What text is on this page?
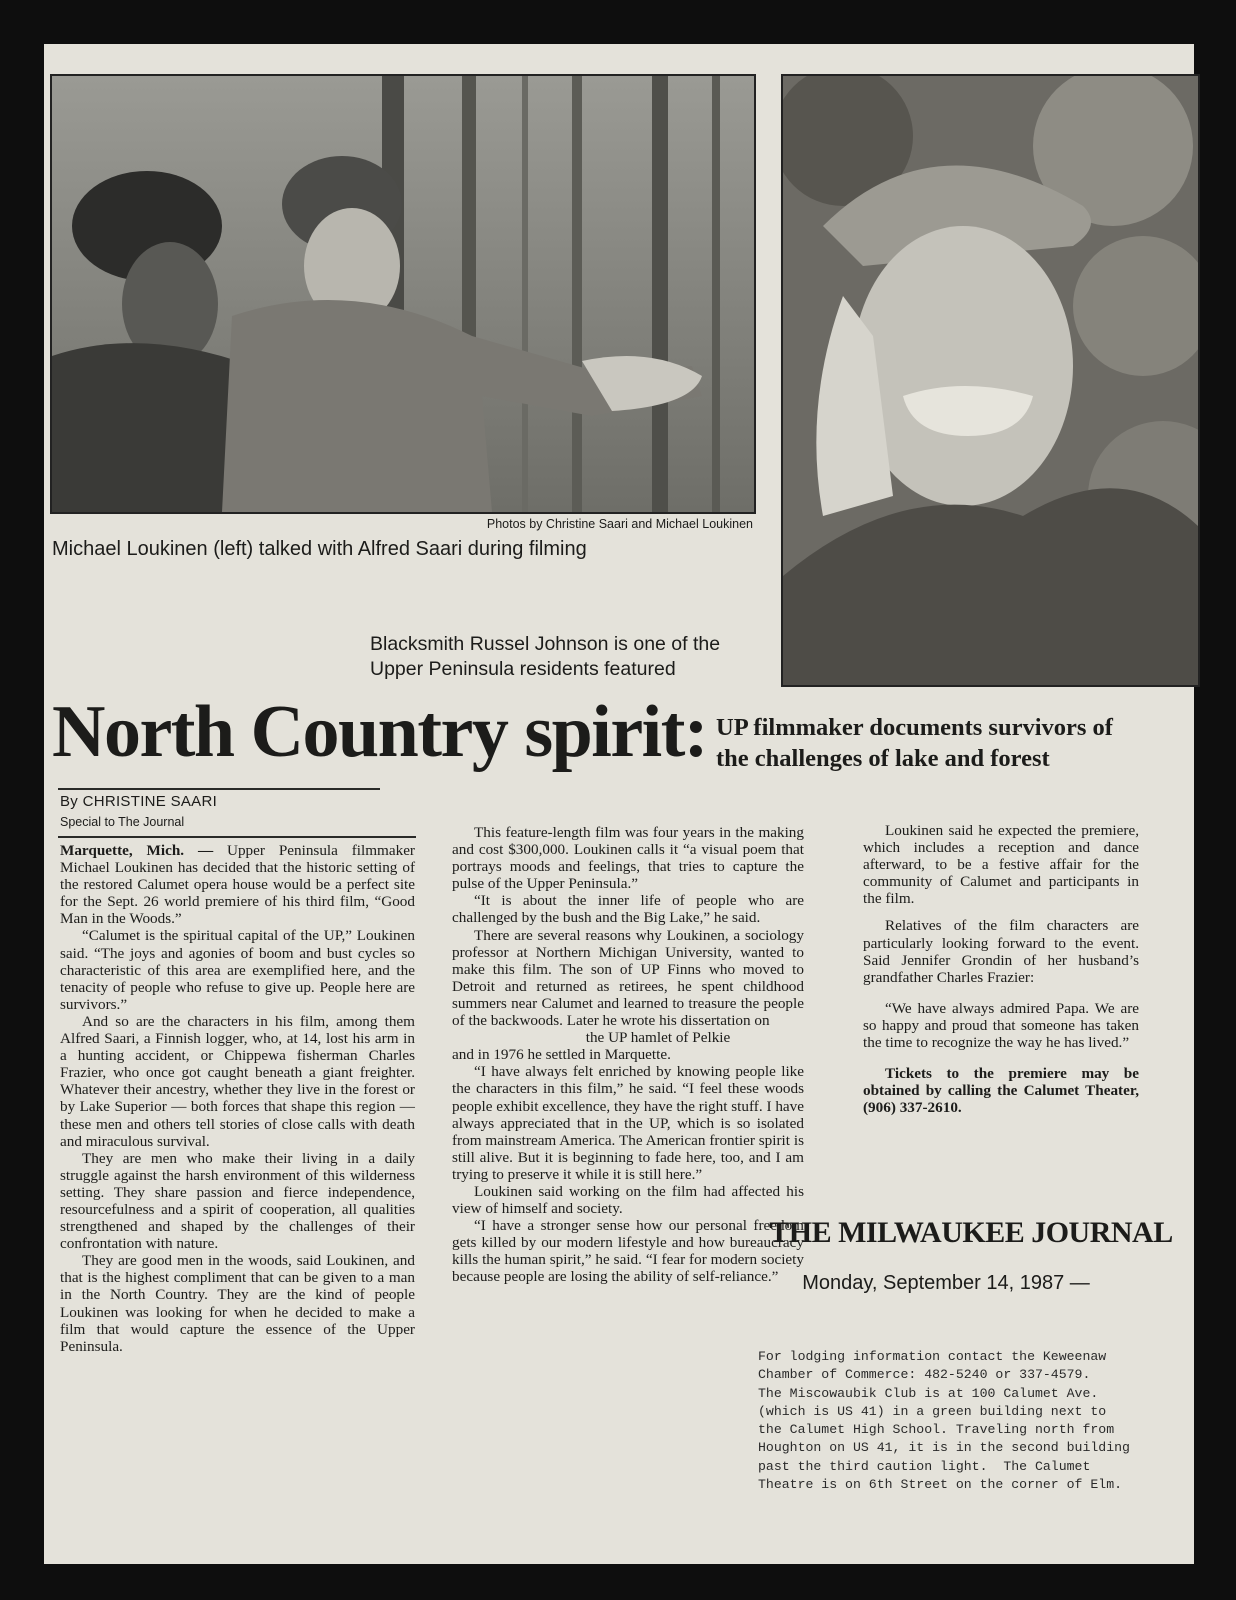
Photos by Christine Saari and Michael Loukinen
Michael Loukinen (left) talked with Alfred Saari during filming
Blacksmith Russel Johnson is one of the Upper Peninsula residents featured
North Country spirit: UP filmmaker documents survivors of the challenges of lake and forest
By CHRISTINE SAARI
Special to The Journal

Marquette, Mich. — Upper Peninsula filmmaker Michael Loukinen has decided that the historic setting of the restored Calumet opera house would be a perfect site for the Sept. 26 world premiere of his third film, “Good Man in the Woods.”

“Calumet is the spiritual capital of the UP,” Loukinen said. “The joys and agonies of boom and bust cycles so characteristic of this area are exemplified here, and the tenacity of people who refuse to give up. People here are survivors.”

And so are the characters in his film, among them Alfred Saari, a Finnish logger, who, at 14, lost his arm in a hunting accident, or Chippewa fisherman Charles Frazier, who once got caught beneath a giant freighter. Whatever their ancestry, whether they live in the forest or by Lake Superior — both forces that shape this region — these men and others tell stories of close calls with death and miraculous survival.

They are men who make their living in a daily struggle against the harsh environment of this wilderness setting. They share passion and fierce independence, resourcefulness and a spirit of cooperation, all qualities strengthened and shaped by the challenges of their confrontation with nature.

They are good men in the woods, said Loukinen, and that is the highest compliment that can be given to a man in the North Country. They are the kind of people Loukinen was looking for when he decided to make a film that would capture the essence of the Upper Peninsula.

This feature-length film was four years in the making and cost $300,000. Loukinen calls it “a visual poem that portrays moods and feelings, that tries to capture the pulse of the Upper Peninsula.”

“It is about the inner life of people who are challenged by the bush and the Big Lake,” he said.

There are several reasons why Loukinen, a sociology professor at Northern Michigan University, wanted to make this film. The son of UP Finns who moved to Detroit and returned as retirees, he spent childhood summers near Calumet and learned to treasure the people of the backwoods. Later he wrote his dissertation on

the UP hamlet of Pelkie

and in 1976 he settled in Marquette.

“I have always felt enriched by knowing people like the characters in this film,” he said. “I feel these woods people exhibit excellence, they have the right stuff. I have always appreciated that in the UP, which is so isolated from mainstream America. The American frontier spirit is still alive. But it is beginning to fade here, too, and I am trying to preserve it while it is still here.”

Loukinen said working on the film had affected his view of himself and society.

“I have a stronger sense how our personal freedom gets killed by our modern lifestyle and how bureaucracy kills the human spirit,” he said. “I fear for modern society because people are losing the ability of self-reliance.”

Loukinen said he expected the premiere, which includes a reception and dance afterward, to be a festive affair for the community of Calumet and participants in the film.

Relatives of the film characters are particularly looking forward to the event. Said Jennifer Grondin of her husband’s grandfather Charles Frazier:

“We have always admired Papa. We are so happy and proud that someone has taken the time to recognize the way he has lived.”

Tickets to the premiere may be obtained by calling the Calumet Theater, (906) 337-2610.

THE MILWAUKEE JOURNAL
Monday, September 14, 1987 —
For lodging information contact the Keweenaw
Chamber of Commerce: 482-5240 or 337-4579.
The Miscowaubik Club is at 100 Calumet Ave.
(which is US 41) in a green building next to
the Calumet High School. Traveling north from
Houghton on US 41, it is in the second building
past the third caution light.  The Calumet
Theatre is on 6th Street on the corner of Elm.
